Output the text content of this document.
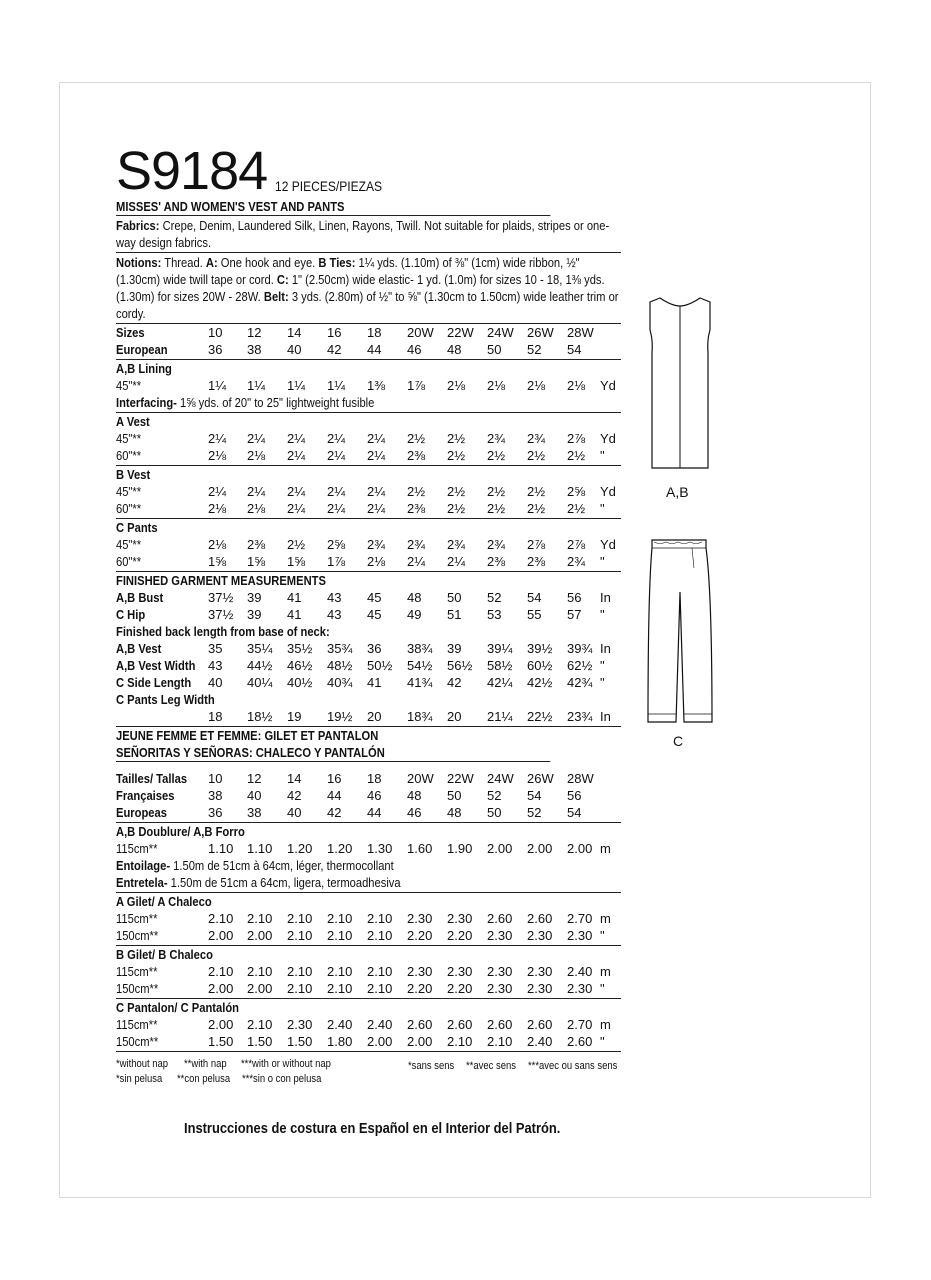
S9184 12 PIECES/PIEZAS
MISSES' AND WOMEN'S VEST AND PANTS
Fabrics: Crepe, Denim, Laundered Silk, Linen, Rayons, Twill. Not suitable for plaids, stripes or one-way design fabrics.
Notions: Thread. A: One hook and eye. B Ties: 1¼ yds. (1.10m) of ⅜" (1cm) wide ribbon, ½" (1.30cm) wide twill tape or cord. C: 1" (2.50cm) wide elastic- 1 yd. (1.0m) for sizes 10 - 18, 1⅜ yds. (1.30m) for sizes 20W - 28W. Belt: 3 yds. (2.80m) of ½" to ⅝" (1.30cm to 1.50cm) wide leather trim or cordy.
Sizes	10 12 14 16 18 20W 22W 24W 26W 28W
European	36 38 40 42 44 46 48 50 52 54
A,B Lining
45"**	1¼ 1¼ 1¼ 1¼ 1⅜ 1⅞ 2⅛ 2⅛ 2⅛ 2⅛ Yd
Interfacing- 1⅝ yds. of 20" to 25" lightweight fusible
A Vest
45"**	2¼ 2¼ 2¼ 2¼ 2¼ 2½ 2½ 2¾ 2¾ 2⅞ Yd
60"**	2⅛ 2⅛ 2¼ 2¼ 2¼ 2⅜ 2½ 2½ 2½ 2½ "
B Vest
45"**	2¼ 2¼ 2¼ 2¼ 2¼ 2½ 2½ 2½ 2½ 2⅝ Yd
60"**	2⅛ 2⅛ 2¼ 2¼ 2¼ 2⅜ 2½ 2½ 2½ 2½ "
C Pants
45"**	2⅛ 2⅜ 2½ 2⅝ 2¾ 2¾ 2¾ 2¾ 2⅞ 2⅞ Yd
60"**	1⅝ 1⅝ 1⅝ 1⅞ 2⅛ 2¼ 2¼ 2⅜ 2⅜ 2¾ "
FINISHED GARMENT MEASUREMENTS
A,B Bust	37½ 39 41 43 45 48 50 52 54 56 In
C Hip	37½ 39 41 43 45 49 51 53 55 57 "
Finished back length from base of neck:
A,B Vest	35 35¼ 35½ 35¾ 36 38¾ 39 39¼ 39½ 39¾ In
A,B Vest Width 43 44½ 46½ 48½ 50½ 54½ 56½ 58½ 60½ 62½ "
C Side Length 40 40¼ 40½ 40¾ 41 41¾ 42 42¼ 42½ 42¾ "
C Pants Leg Width
18 18½ 19 19½ 20 18¾ 20 21¼ 22½ 23¾ In
JEUNE FEMME ET FEMME: GILET ET PANTALON
SEÑORITAS Y SEÑORAS: CHALECO Y PANTALÓN
Tailles/ Tallas 10 12 14 16 18 20W 22W 24W 26W 28W
Françaises	38 40 42 44 46 48 50 52 54 56
Europeas	36 38 40 42 44 46 48 50 52 54
A,B Doublure/ A,B Forro
115cm**	1.10 1.10 1.20 1.20 1.30 1.60 1.90 2.00 2.00 2.00 m
Entoilage- 1.50m de 51cm à 64cm, léger, thermocollant
Entretela- 1.50m de 51cm a 64cm, ligera, termoadhesiva
A Gilet/ A Chaleco
115cm**	2.10 2.10 2.10 2.10 2.10 2.30 2.30 2.60 2.60 2.70 m
150cm**	2.00 2.00 2.10 2.10 2.10 2.20 2.20 2.30 2.30 2.30 "
B Gilet/ B Chaleco
115cm**	2.10 2.10 2.10 2.10 2.10 2.30 2.30 2.30 2.30 2.40 m
150cm**	2.00 2.00 2.10 2.10 2.10 2.20 2.20 2.30 2.30 2.30 "
C Pantalon/ C Pantalón
115cm**	2.00 2.10 2.30 2.40 2.40 2.60 2.60 2.60 2.60 2.70 m
150cm**	1.50 1.50 1.50 1.80 2.00 2.00 2.10 2.10 2.40 2.60 "
*without nap **with nap ***with or without nap	*sans sens **avec sens ***avec ou sans sens
*sin pelusa **con pelusa ***sin o con pelusa
Instrucciones de costura en Español en el Interior del Patrón.
A,B
C
